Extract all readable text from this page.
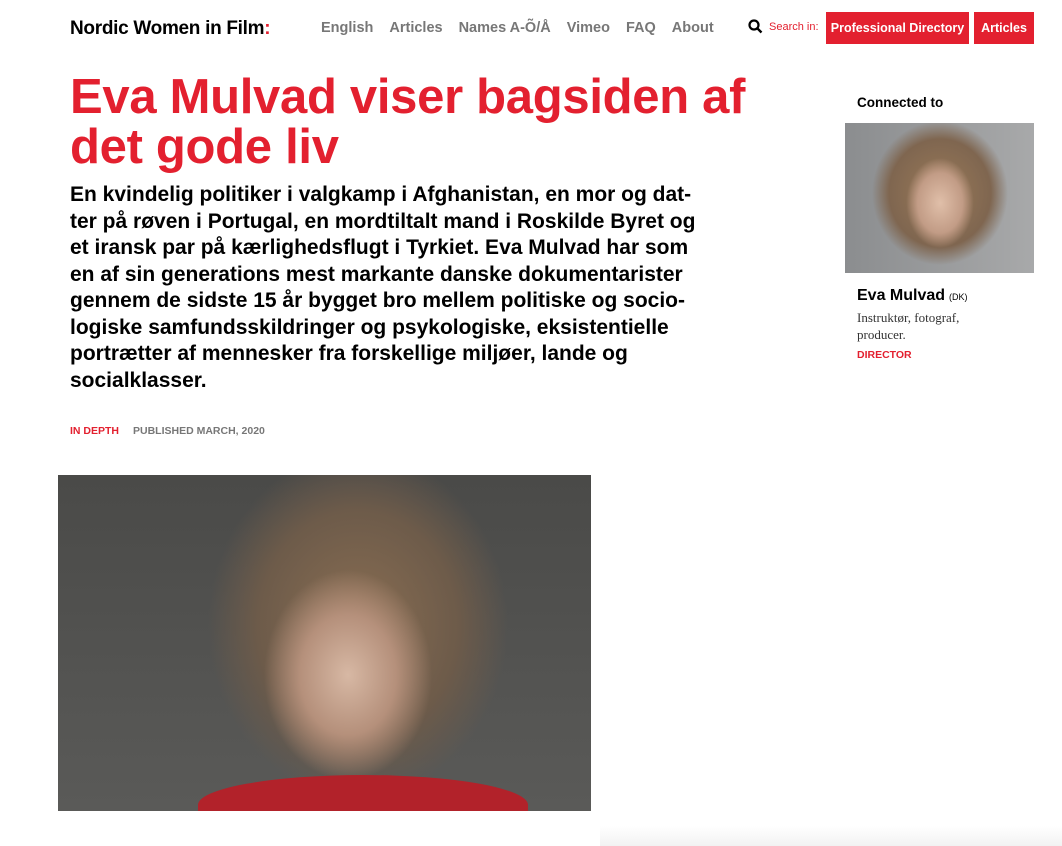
Nordic Women in Film:	English Articles Names A-Õ/Å Vimeo FAQ About	Search in: Professional Directory	Articles
Eva Mulvad viser bagsiden af det gode liv
En kvindelig politiker i valgkamp i Afghanistan, en mor og dat-
ter på røven i Portugal, en mordtiltalt mand i Roskilde Byret og
et iransk par på kærlighedsflugt i Tyrkiet. Eva Mulvad har som
en af sin generations mest markante danske dokumentarister
gennem de sidste 15 år bygget bro mellem politiske og socio-
logiske samfundsskildringer og psykologiske, eksistentielle
portrætter af mennesker fra forskellige miljøer, lande og
socialklasser.
IN DEPTH PUBLISHED MARCH, 2020
Connected to
Eva Mulvad (DK)
Instruktør, fotograf, producer.
DIRECTOR
